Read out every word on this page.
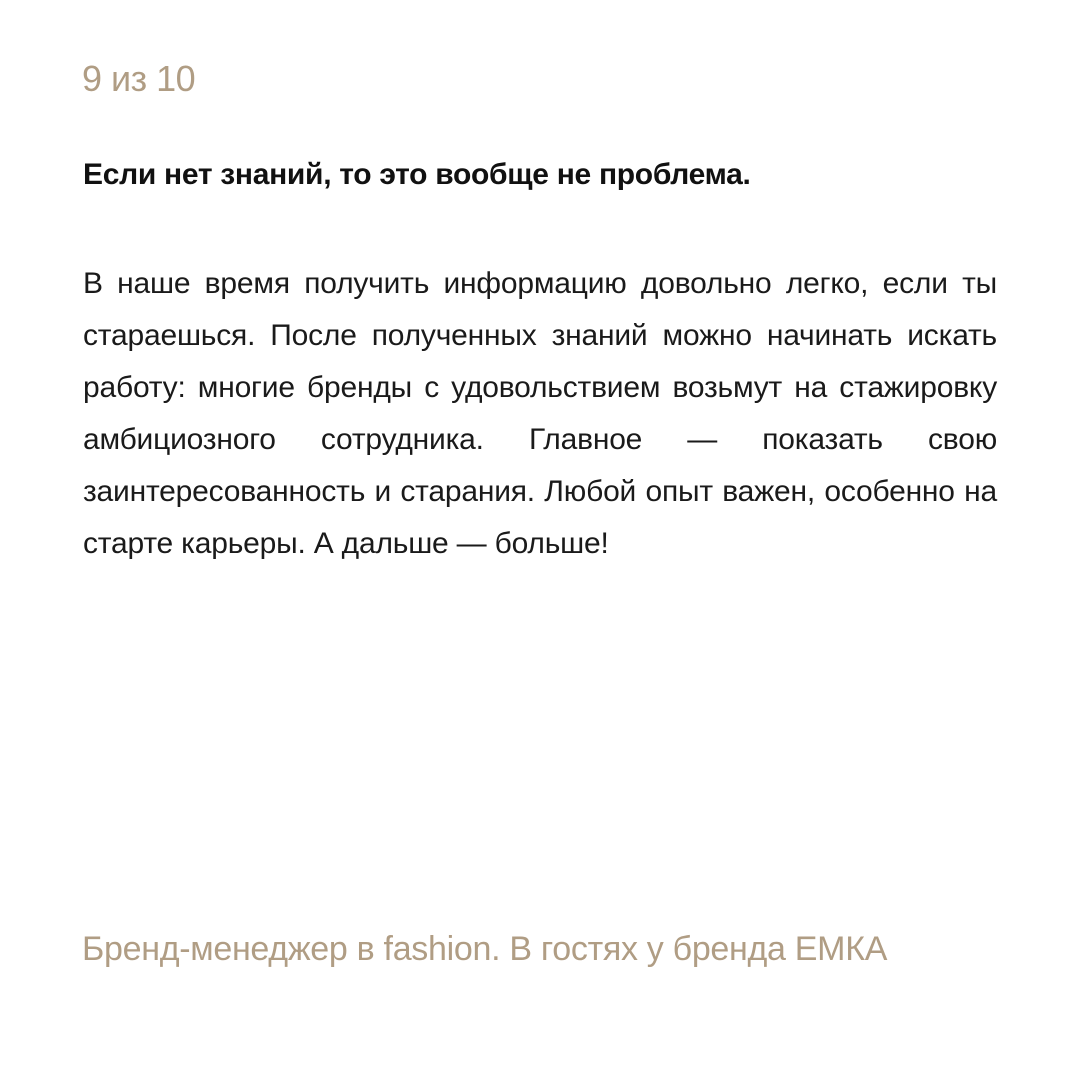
9 из 10
Если нет знаний, то это вообще не проблема.
В наше время получить информацию довольно легко, если ты стараешься. После полученных знаний можно начинать искать работу: многие бренды с удовольствием возьмут на стажировку амбициозного сотрудника. Главное — показать свою заинтересованность и старания. Любой опыт важен, особенно на старте карьеры. А дальше — больше!
Бренд-менеджер в fashion. В гостях у бренда ЕМКА
